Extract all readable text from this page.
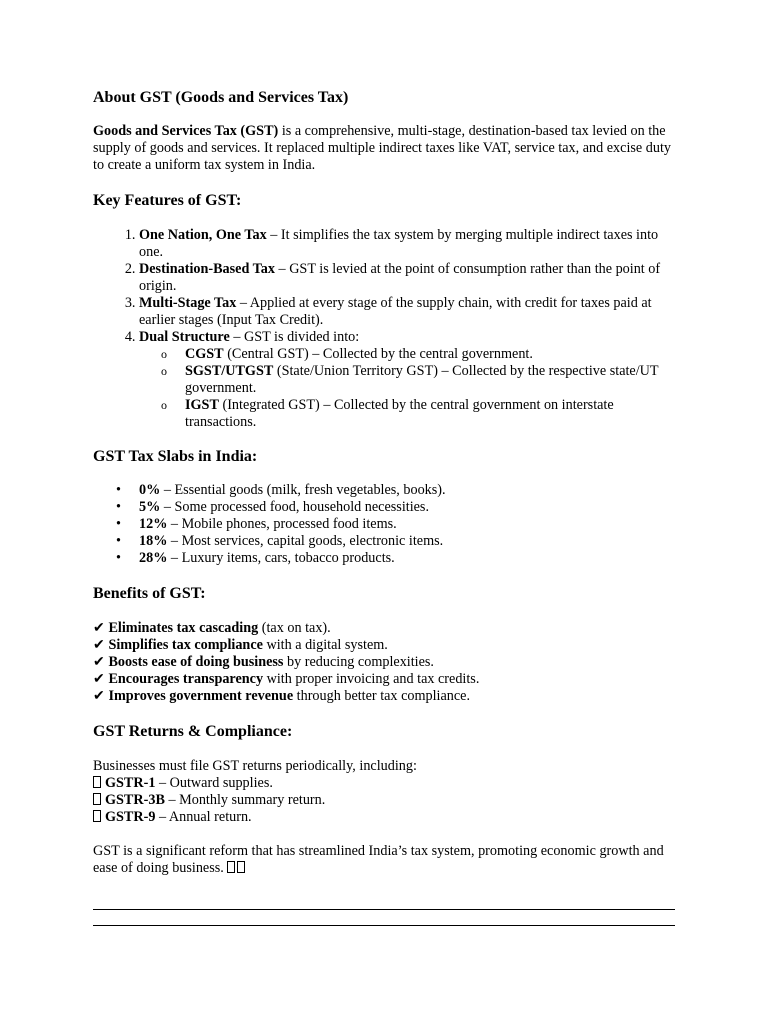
About GST (Goods and Services Tax)

Goods and Services Tax (GST) is a comprehensive, multi-stage, destination-based tax levied on the supply of goods and services. It replaced multiple indirect taxes like VAT, service tax, and excise duty to create a uniform tax system in India.

Key Features of GST:
1. One Nation, One Tax – It simplifies the tax system by merging multiple indirect taxes into one.
2. Destination-Based Tax – GST is levied at the point of consumption rather than the point of origin.
3. Multi-Stage Tax – Applied at every stage of the supply chain, with credit for taxes paid at earlier stages (Input Tax Credit).
4. Dual Structure – GST is divided into:
o CGST (Central GST) – Collected by the central government.
o SGST/UTGST (State/Union Territory GST) – Collected by the respective state/UT government.
o IGST (Integrated GST) – Collected by the central government on interstate transactions.
GST Tax Slabs in India:
• 0% – Essential goods (milk, fresh vegetables, books).
• 5% – Some processed food, household necessities.
• 12% – Mobile phones, processed food items.
• 18% – Most services, capital goods, electronic items.
• 28% – Luxury items, cars, tobacco products.
Benefits of GST:
✔ Eliminates tax cascading (tax on tax).
✔ Simplifies tax compliance with a digital system.
✔ Boosts ease of doing business by reducing complexities.
✔ Encourages transparency with proper invoicing and tax credits.
✔ Improves government revenue through better tax compliance.
GST Returns & Compliance:
Businesses must file GST returns periodically, including:
GSTR-1 – Outward supplies.
GSTR-3B – Monthly summary return.
GSTR-9 – Annual return.

GST is a significant reform that has streamlined India’s tax system, promoting economic growth and ease of doing business.
